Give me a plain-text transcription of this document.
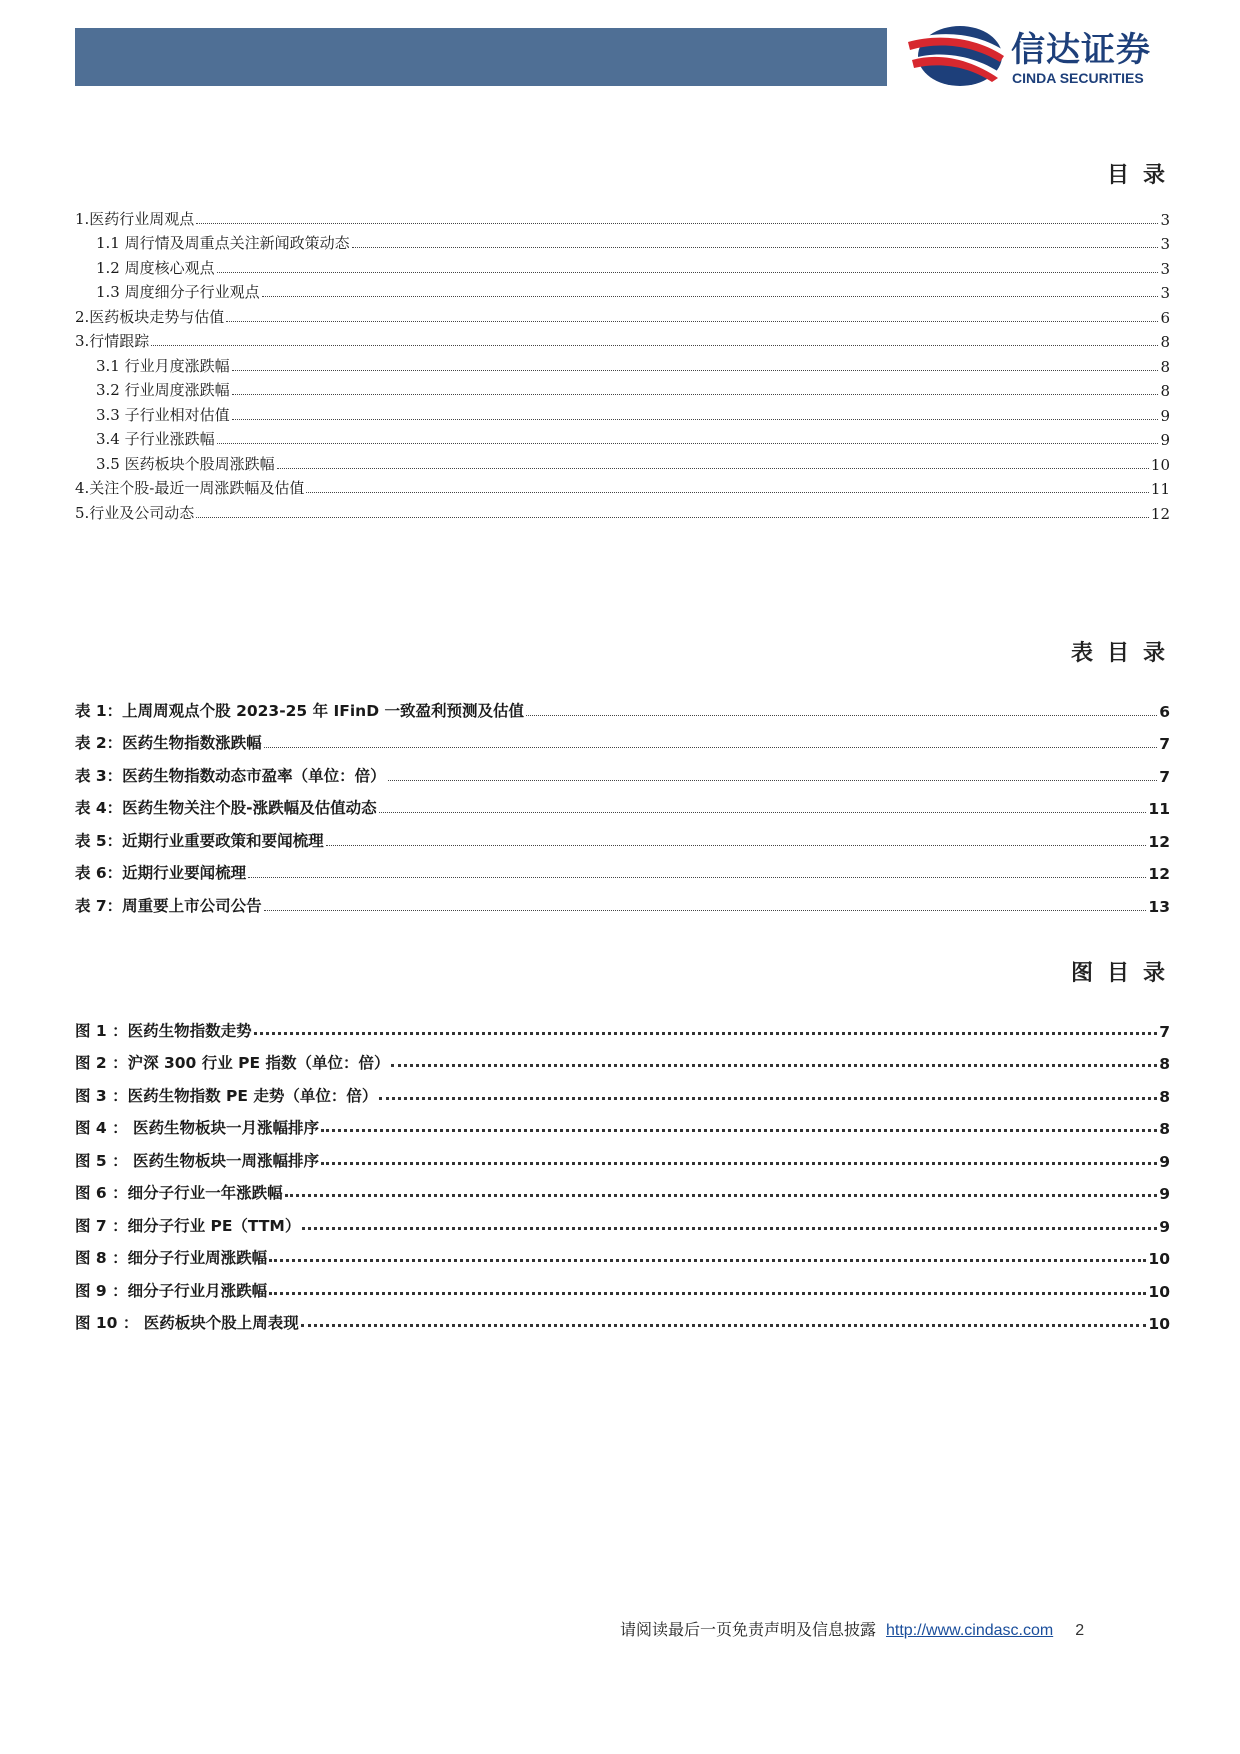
信达证券
CINDA SECURITIES
目录
1.医药行业周观点	3
1.1 周行情及周重点关注新闻政策动态	3
1.2 周度核心观点	3
1.3 周度细分子行业观点	3
2.医药板块走势与估值	6
3.行情跟踪	8
3.1 行业月度涨跌幅	8
3.2 行业周度涨跌幅	8
3.3 子行业相对估值	9
3.4 子行业涨跌幅	9
3.5 医药板块个股周涨跌幅	10
4.关注个股-最近一周涨跌幅及估值	11
5.行业及公司动态	12
表目录
表 1：上周周观点个股 2023-25 年 IFinD 一致盈利预测及估值	6
表 2：医药生物指数涨跌幅	7
表 3：医药生物指数动态市盈率（单位：倍）	7
表 4：医药生物关注个股-涨跌幅及估值动态	11
表 5：近期行业重要政策和要闻梳理	12
表 6：近期行业要闻梳理	12
表 7：周重要上市公司公告	13
图目录
图 1 ：医药生物指数走势	7
图 2 ：沪深 300 行业 PE 指数（单位：倍）	8
图 3 ：医药生物指数 PE 走势（单位：倍）	8
图 4 ： 医药生物板块一月涨幅排序	8
图 5 ： 医药生物板块一周涨幅排序	9
图 6 ：细分子行业一年涨跌幅	9
图 7 ：细分子行业 PE（TTM）	9
图 8 ：细分子行业周涨跌幅	10
图 9 ：细分子行业月涨跌幅	10
图 10 ： 医药板块个股上周表现	10
请阅读最后一页免责声明及信息披露 http://www.cindasc.com 2
